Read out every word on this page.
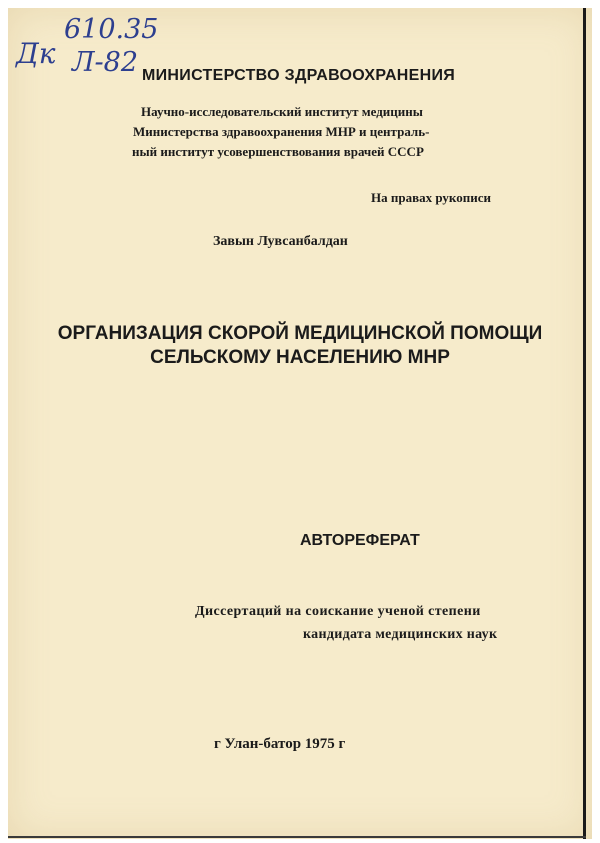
610.35
Дк Л-82 МИНИСТЕРСТВО ЗДРАВООХРАНЕНИЯ
Научно-исследовательский институт медицины
Министерства здравоохранения МНР и централь-
ный институт усовершенствования врачей СССР
На правах рукописи
Завын Лувсанбалдан
ОРГАНИЗАЦИЯ СКОРОЙ МЕДИЦИНСКОЙ ПОМОЩИ
СЕЛЬСКОМУ НАСЕЛЕНИЮ МНР
АВТОРЕФЕРАТ
Диссертаций на соискание ученой степени
кандидата медицинских наук
г Улан-батор 1975 г
